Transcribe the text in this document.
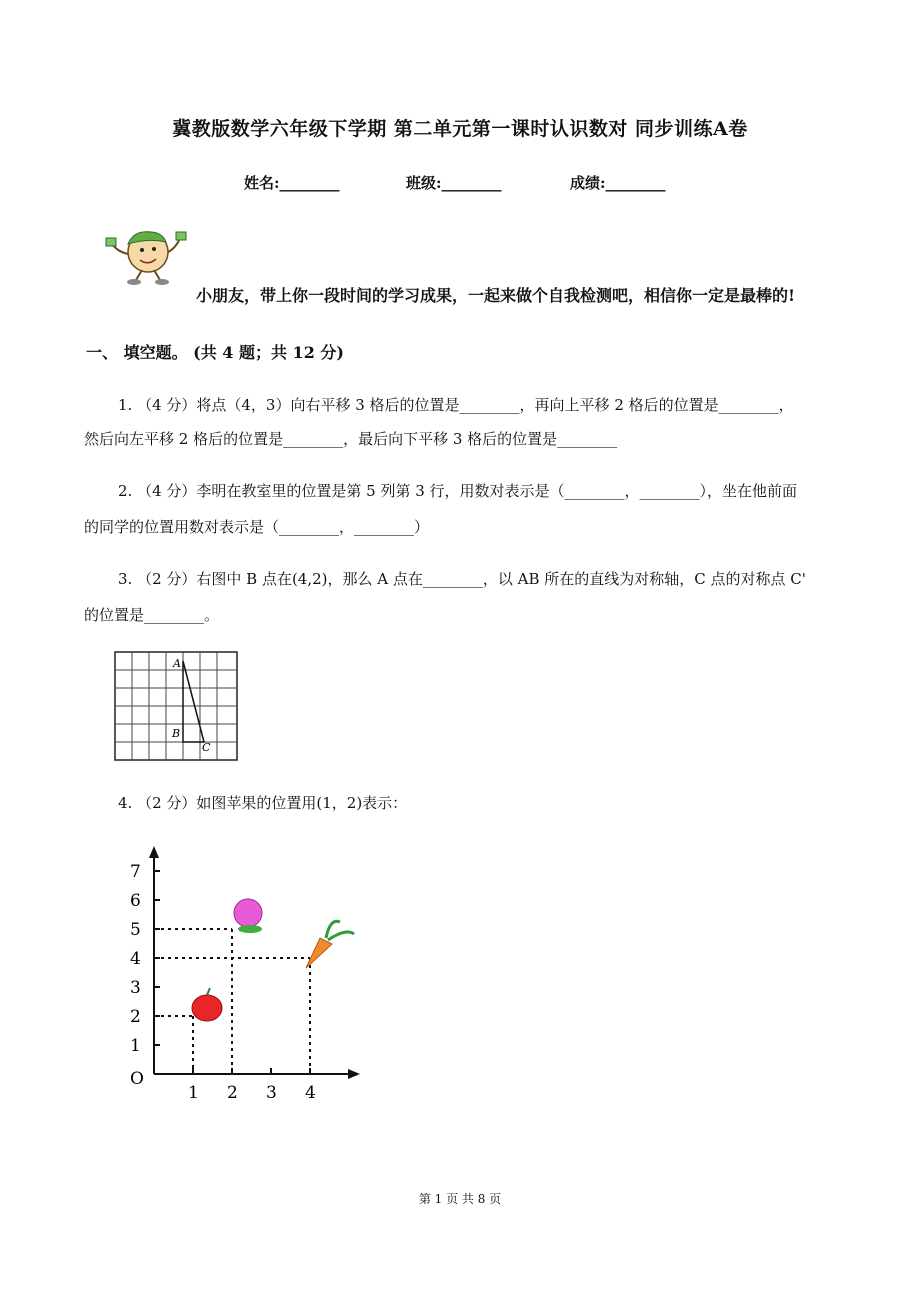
冀教版数学六年级下学期 第二单元第一课时认识数对 同步训练A卷
姓名:________	班级:________	成绩:________
小朋友，带上你一段时间的学习成果，一起来做个自我检测吧，相信你一定是最棒的!
一、 填空题。 (共 4 题；共 12 分)
1. （4 分）将点（4，3）向右平移 3 格后的位置是________，再向上平移 2 格后的位置是________，
然后向左平移 2 格后的位置是________，最后向下平移 3 格后的位置是________
2. （4 分）李明在教室里的位置是第 5 列第 3 行，用数对表示是（________，________），坐在他前面
的同学的位置用数对表示是（________，________）
3. （2 分）右图中 B 点在(4,2)，那么 A 点在________，以 AB 所在的直线为对称轴，C 点的对称点 C'
的位置是________。
A
B
C
4. （2 分）如图苹果的位置用(1，2)表示：
O
1 2 3 4
1
2
3
4
5
6
7
第 1 页 共 8 页
